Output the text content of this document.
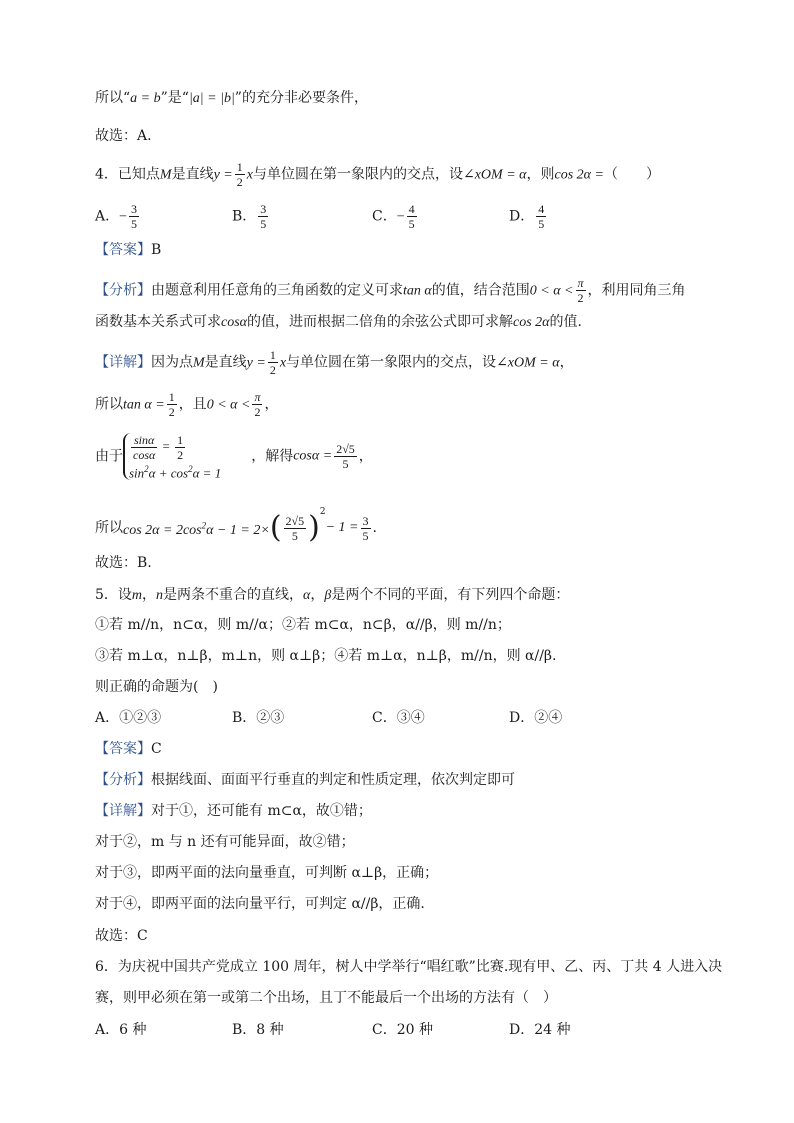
所以“a = b”是“|a| = |b|”的充分非必要条件，
故选：A.
4．已知点M是直线$y = \frac{1}{2}$ x与单位圆在第一象限内的交点，设∠xOM = α，则cos 2α =（　　）
A．− $\frac{3}{5}$	B． $\frac{3}{5}$	C．− $\frac{4}{5}$	D． $\frac{4}{5}$
【答案】B
【分析】由题意利用任意角的三角函数的定义可求tan α的值，结合范围$0 < \alpha < \frac{\pi}{2}$ ，利用同角三角
函数基本关系式可求cosα的值，进而根据二倍角的余弦公式即可求解cos 2α的值.
【详解】因为点M是直线$y = \frac{1}{2}$ x与单位圆在第一象限内的交点，设∠xOM = α，
所以$\tan \alpha = \frac{1}{2}$ ，且$0 < \alpha < \frac{\pi}{2}$ ，
由于 $\frac{\sin\alpha}{\cos\alpha} = \frac{1}{2}$
$\sin^2\alpha + \cos^2\alpha = 1$
，解得$\cos\alpha = \frac{2√5}{5}$ ，
所以$\cos 2\alpha = 2\cos^2\alpha - 1 = 2\times( \frac{2√5}{5} )^2- 1 = \frac{3}{5}$ .
故选：B.
5．设m，n是两条不重合的直线，α，β是两个不同的平面，有下列四个命题：
①若 m//n，n⊂α，则 m//α；②若 m⊂α，n⊂β，α//β，则 m//n；
③若 m⊥α，n⊥β，m⊥n，则 α⊥β；④若 m⊥α，n⊥β，m//n，则 α//β.
则正确的命题为(　)
A．①②③	B．②③	C．③④	D．②④
【答案】C
【分析】根据线面、面面平行垂直的判定和性质定理，依次判定即可
【详解】对于①，还可能有 m⊂α，故①错；
对于②，m 与 n 还有可能异面，故②错；
对于③，即两平面的法向量垂直，可判断 α⊥β，正确；
对于④，即两平面的法向量平行，可判定 α//β，正确.
故选：C
6．为庆祝中国共产党成立 100 周年，树人中学举行“唱红歌”比赛.现有甲、乙、丙、丁共 4 人进入决
赛，则甲必须在第一或第二个出场，且丁不能最后一个出场的方法有（　）
A．6 种	B．8 种	C．20 种	D．24 种
